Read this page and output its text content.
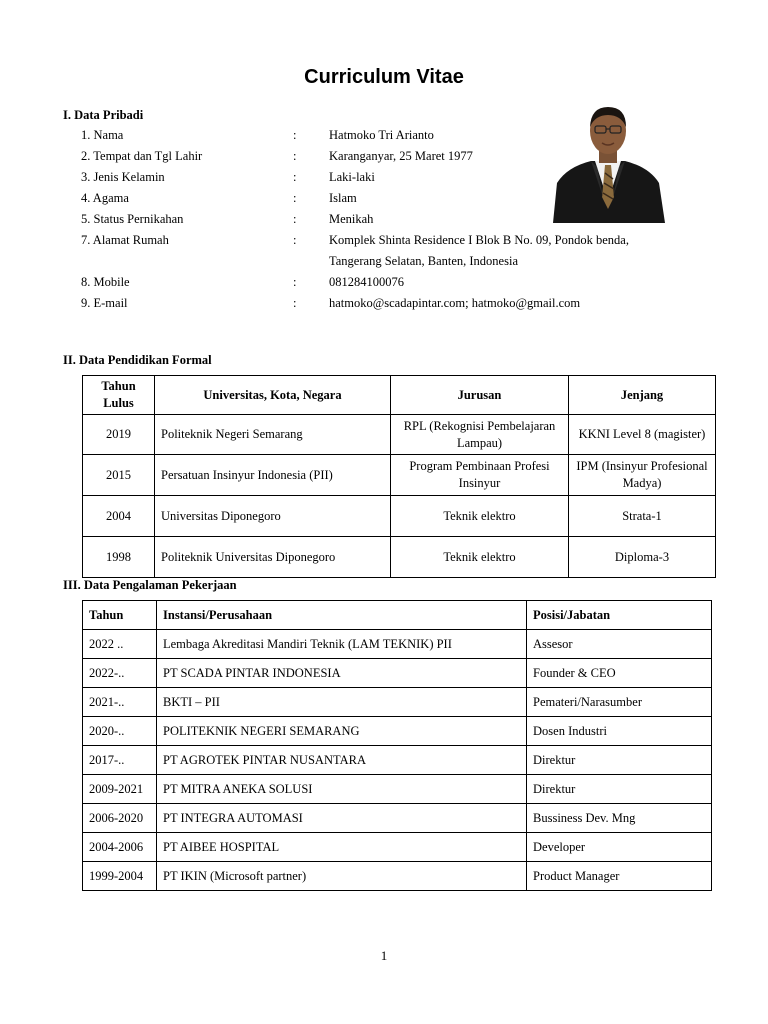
Curriculum Vitae
I. Data Pribadi
1. Nama	:	Hatmoko Tri Arianto
2. Tempat dan Tgl Lahir	:	Karanganyar, 25 Maret 1977
3. Jenis Kelamin	:	Laki-laki
4. Agama	:	Islam
5. Status Pernikahan	:	Menikah
7. Alamat Rumah	:	Komplek Shinta Residence I Blok B No. 09, Pondok benda,
Tangerang Selatan, Banten, Indonesia
8. Mobile	:	081284100076
9. E-mail	:	hatmoko@scadapintar.com; hatmoko@gmail.com
II. Data Pendidikan Formal
Tahun Lulus	Universitas, Kota, Negara	Jurusan	Jenjang
2019	Politeknik Negeri Semarang	RPL (Rekognisi Pembelajaran Lampau)	KKNI Level 8 (magister)
2015	Persatuan Insinyur Indonesia (PII)	Program Pembinaan Profesi Insinyur	IPM (Insinyur Profesional Madya)
2004	Universitas Diponegoro	Teknik elektro	Strata-1
1998	Politeknik Universitas Diponegoro	Teknik elektro	Diploma-3
III. Data Pengalaman Pekerjaan
Tahun	Instansi/Perusahaan	Posisi/Jabatan
2022 ..	Lembaga Akreditasi Mandiri Teknik (LAM TEKNIK) PII	Assesor
2022-..	PT SCADA PINTAR INDONESIA	Founder & CEO
2021-..	BKTI – PII	Pemateri/Narasumber
2020-..	POLITEKNIK NEGERI SEMARANG	Dosen Industri
2017-..	PT AGROTEK PINTAR NUSANTARA	Direktur
2009-2021	PT MITRA ANEKA SOLUSI	Direktur
2006-2020	PT INTEGRA AUTOMASI	Bussiness Dev. Mng
2004-2006	PT AIBEE HOSPITAL	Developer
1999-2004	PT IKIN (Microsoft partner)	Product Manager
1
